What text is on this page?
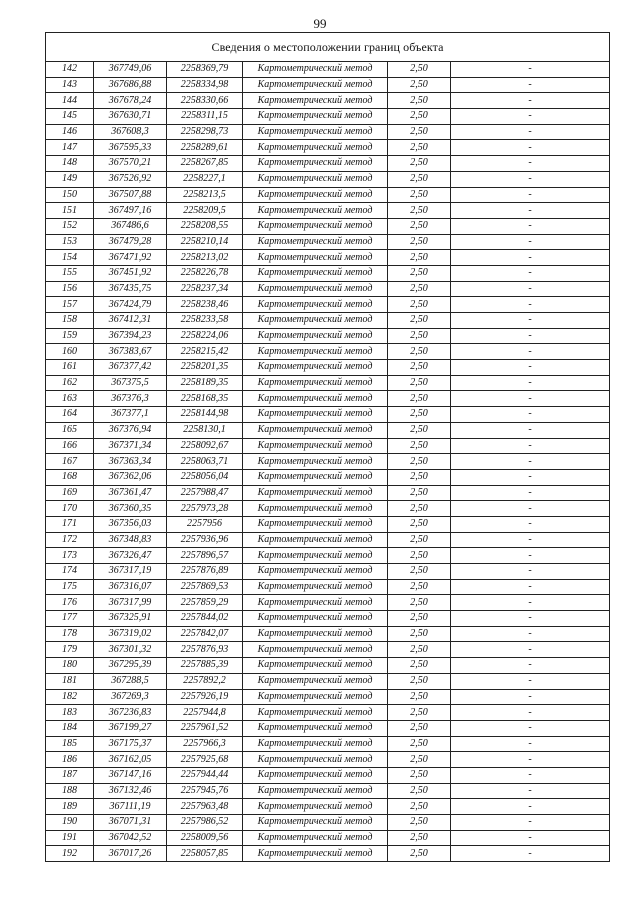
99
Сведения о местоположении границ объекта					
142	367749,06	2258369,79	Картометрический метод	2,50	-
143	367686,88	2258334,98	Картометрический метод	2,50	-
144	367678,24	2258330,66	Картометрический метод	2,50	-
145	367630,71	2258311,15	Картометрический метод	2,50	-
146	367608,3	2258298,73	Картометрический метод	2,50	-
147	367595,33	2258289,61	Картометрический метод	2,50	-
148	367570,21	2258267,85	Картометрический метод	2,50	-
149	367526,92	2258227,1	Картометрический метод	2,50	-
150	367507,88	2258213,5	Картометрический метод	2,50	-
151	367497,16	2258209,5	Картометрический метод	2,50	-
152	367486,6	2258208,55	Картометрический метод	2,50	-
153	367479,28	2258210,14	Картометрический метод	2,50	-
154	367471,92	2258213,02	Картометрический метод	2,50	-
155	367451,92	2258226,78	Картометрический метод	2,50	-
156	367435,75	2258237,34	Картометрический метод	2,50	-
157	367424,79	2258238,46	Картометрический метод	2,50	-
158	367412,31	2258233,58	Картометрический метод	2,50	-
159	367394,23	2258224,06	Картометрический метод	2,50	-
160	367383,67	2258215,42	Картометрический метод	2,50	-
161	367377,42	2258201,35	Картометрический метод	2,50	-
162	367375,5	2258189,35	Картометрический метод	2,50	-
163	367376,3	2258168,35	Картометрический метод	2,50	-
164	367377,1	2258144,98	Картометрический метод	2,50	-
165	367376,94	2258130,1	Картометрический метод	2,50	-
166	367371,34	2258092,67	Картометрический метод	2,50	-
167	367363,34	2258063,71	Картометрический метод	2,50	-
168	367362,06	2258056,04	Картометрический метод	2,50	-
169	367361,47	2257988,47	Картометрический метод	2,50	-
170	367360,35	2257973,28	Картометрический метод	2,50	-
171	367356,03	2257956	Картометрический метод	2,50	-
172	367348,83	2257936,96	Картометрический метод	2,50	-
173	367326,47	2257896,57	Картометрический метод	2,50	-
174	367317,19	2257876,89	Картометрический метод	2,50	-
175	367316,07	2257869,53	Картометрический метод	2,50	-
176	367317,99	2257859,29	Картометрический метод	2,50	-
177	367325,91	2257844,02	Картометрический метод	2,50	-
178	367319,02	2257842,07	Картометрический метод	2,50	-
179	367301,32	2257876,93	Картометрический метод	2,50	-
180	367295,39	2257885,39	Картометрический метод	2,50	-
181	367288,5	2257892,2	Картометрический метод	2,50	-
182	367269,3	2257926,19	Картометрический метод	2,50	-
183	367236,83	2257944,8	Картометрический метод	2,50	-
184	367199,27	2257961,52	Картометрический метод	2,50	-
185	367175,37	2257966,3	Картометрический метод	2,50	-
186	367162,05	2257925,68	Картометрический метод	2,50	-
187	367147,16	2257944,44	Картометрический метод	2,50	-
188	367132,46	2257945,76	Картометрический метод	2,50	-
189	367111,19	2257963,48	Картометрический метод	2,50	-
190	367071,31	2257986,52	Картометрический метод	2,50	-
191	367042,52	2258009,56	Картометрический метод	2,50	-
192	367017,26	2258057,85	Картометрический метод	2,50	-
